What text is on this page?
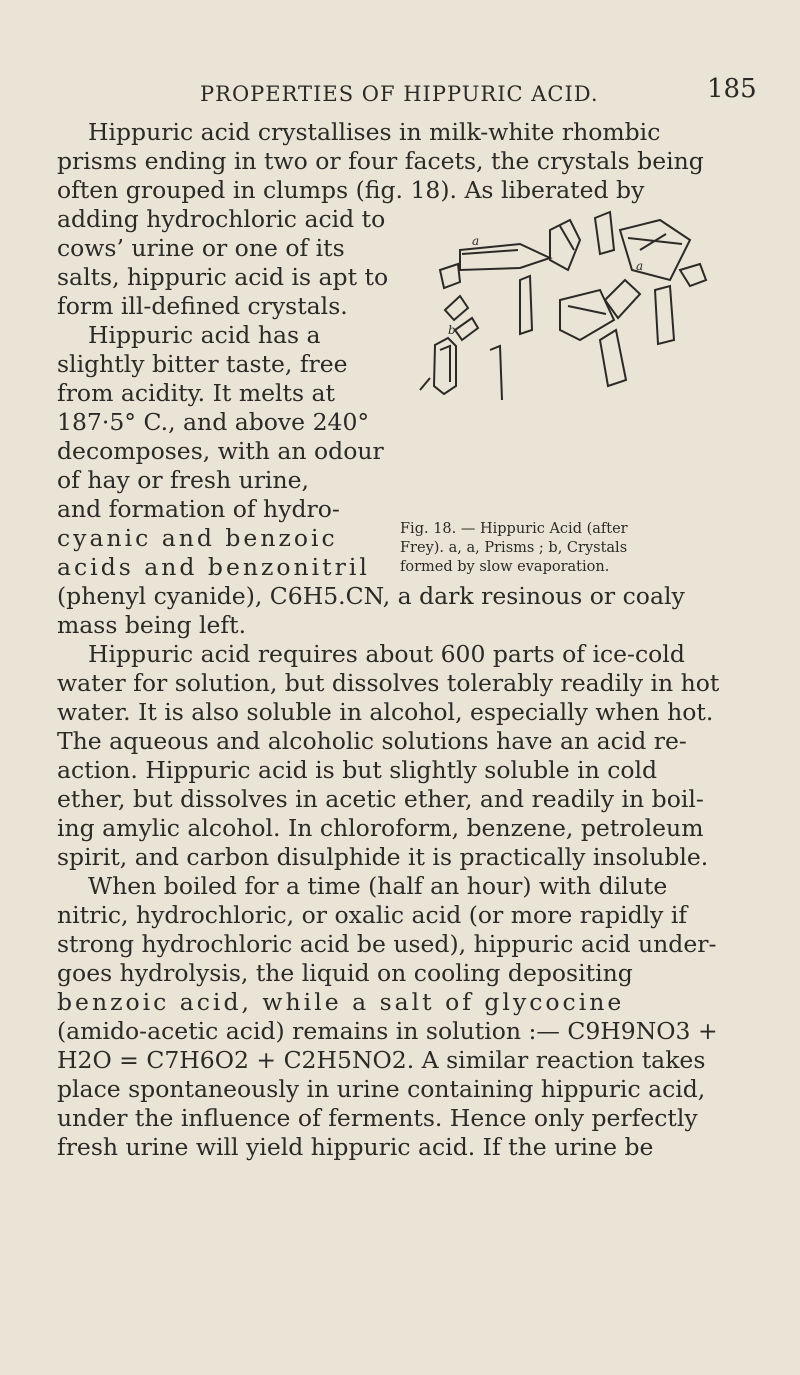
PROPERTIES OF HIPPURIC ACID.	185
Hippuric acid crystallises in milk-white rhombic
prisms ending in two or four facets, the crystals being
often grouped in clumps (fig. 18). As liberated by
adding hydrochloric acid to
cows’ urine or one of its
salts, hippuric acid is apt to
form ill-defined crystals.
Hippuric acid has a
slightly bitter taste, free
from acidity. It melts at
187·5° C., and above 240°
decomposes, with an odour
of hay or fresh urine,
and formation of hydro-
cyanic and benzoic
acids and benzonitril
(phenyl cyanide), C6H5.CN, a dark resinous or coaly
mass being left.
Hippuric acid requires about 600 parts of ice-cold
water for solution, but dissolves tolerably readily in hot
water. It is also soluble in alcohol, especially when hot.
The aqueous and alcoholic solutions have an acid re-
action. Hippuric acid is but slightly soluble in cold
ether, but dissolves in acetic ether, and readily in boil-
ing amylic alcohol. In chloroform, benzene, petroleum
spirit, and carbon disulphide it is practically insoluble.
When boiled for a time (half an hour) with dilute
nitric, hydrochloric, or oxalic acid (or more rapidly if
strong hydrochloric acid be used), hippuric acid under-
goes hydrolysis, the liquid on cooling depositing
benzoic acid, while a salt of glycocine
(amido-acetic acid) remains in solution :— C9H9NO3 +
H2O = C7H6O2 + C2H5NO2. A similar reaction takes
place spontaneously in urine containing hippuric acid,
under the influence of ferments. Hence only perfectly
fresh urine will yield hippuric acid. If the urine be
a
a
b
Fig. 18. — Hippuric Acid (after
Frey). a, a, Prisms ; b, Crystals
formed by slow evaporation.
